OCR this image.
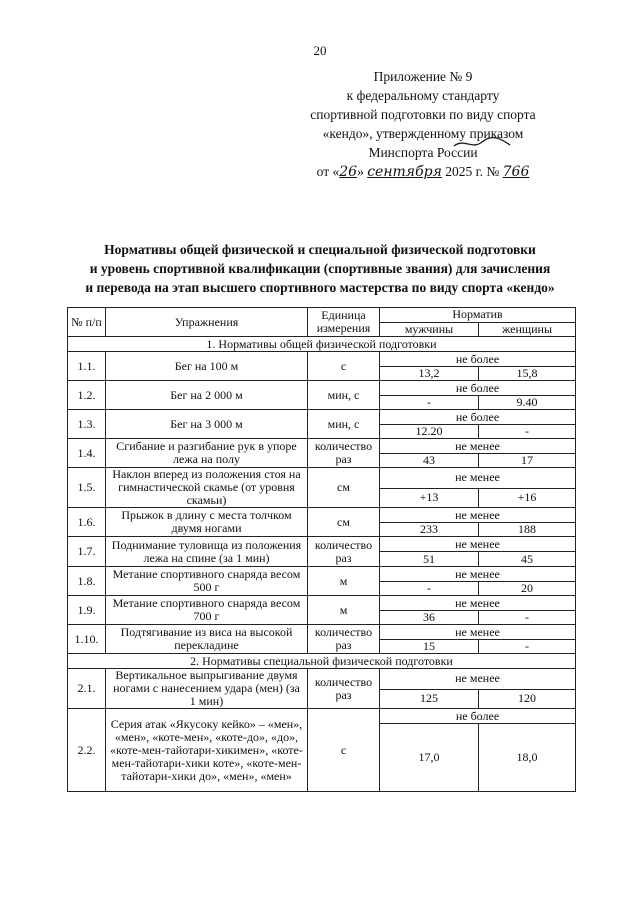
20
Приложение № 9
к федеральному стандарту
спортивной подготовки по виду спорта
«кендо», утвержденному приказом
Минспорта России
от «26» сентября 2025 г. № 766
Нормативы общей физической и специальной физической подготовки
и уровень спортивной квалификации (спортивные звания) для зачисления
и перевода на этап высшего спортивного мастерства по виду спорта «кендо»
№ п/п	Упражнения	Единица измерения	Норматив	
			мужчины	женщины
1. Нормативы общей физической подготовки				
1.1.	Бег на 100 м	с	не более	
			13,2	15,8
1.2.	Бег на 2 000 м	мин, с	не более	
			-	9.40
1.3.	Бег на 3 000 м	мин, с	не более	
			12.20	-
1.4.	Сгибание и разгибание рук в упоре лежа на полу	количество раз	не менее	
			43	17
1.5.	Наклон вперед из положения стоя на гимнастической скамье (от уровня скамьи)	см	не менее	
			+13	+16
1.6.	Прыжок в длину с места толчком двумя ногами	см	не менее	
			233	188
1.7.	Поднимание туловища из положения лежа на спине (за 1 мин)	количество раз	не менее	
			51	45
1.8.	Метание спортивного снаряда весом 500 г	м	не менее	
			-	20
1.9.	Метание спортивного снаряда весом 700 г	м	не менее	
			36	-
1.10.	Подтягивание из виса на высокой перекладине	количество раз	не менее	
			15	-
2. Нормативы специальной физической подготовки				
2.1.	Вертикальное выпрыгивание двумя ногами с нанесением удара (мен) (за 1 мин)	количество раз	не менее	
			125	120
2.2.	Серия атак «Якусоку кейко» – «мен», «мен», «коте-мен», «коте-до», «до», «коте-мен-тайотари-хикимен», «коте-мен-тайотари-хики коте», «коте-мен-тайотари-хики до», «мен», «мен»	с	не более	
			17,0	18,0
